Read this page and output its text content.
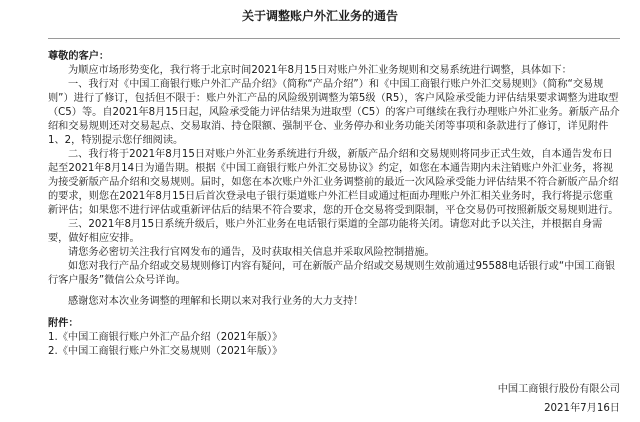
关于调整账户外汇业务的通告

尊敬的客户：

为顺应市场形势变化，我行将于北京时间2021年8月15日对账户外汇业务规则和交易系统进行调整，具体如下：

一、我行对《中国工商银行账户外汇产品介绍》（简称“产品介绍”）和《中国工商银行账户外汇交易规则》（简称“交易规则”）进行了修订，包括但不限于：账户外汇产品的风险级别调整为第5级（R5），客户风险承受能力评估结果要求调整为进取型（C5）等。自2021年8月15日起，风险承受能力评估结果为进取型（C5）的客户可继续在我行办理账户外汇业务。新版产品介绍和交易规则还对交易起点、交易取消、持仓限额、强制平仓、业务停办和业务功能关闭等事项和条款进行了修订，详见附件1、2，特别提示您仔细阅读。

二、我行将于2021年8月15日对账户外汇业务系统进行升级，新版产品介绍和交易规则将同步正式生效，自本通告发布日起至2021年8月14日为通告期。根据《中国工商银行账户外汇交易协议》约定，如您在本通告期内未注销账户外汇业务，将视为接受新版产品介绍和交易规则。届时，如您在本次账户外汇业务调整前的最近一次风险承受能力评估结果不符合新版产品介绍的要求，则您在2021年8月15日后首次登录电子银行渠道账户外汇栏目或通过柜面办理账户外汇相关业务时，我行将提示您重新评估；如果您不进行评估或重新评估后的结果不符合要求，您的开仓交易将受到限制，平仓交易仍可按照新版交易规则进行。

三、2021年8月15日系统升级后，账户外汇业务在电话银行渠道的全部功能将关闭。请您对此予以关注，并根据自身需要，做好相应安排。

请您务必密切关注我行官网发布的通告，及时获取相关信息并采取风险控制措施。

如您对我行产品介绍或交易规则修订内容有疑问，可在新版产品介绍或交易规则生效前通过95588电话银行或“中国工商银行客户服务”微信公众号详询。

感谢您对本次业务调整的理解和长期以来对我行业务的大力支持！

附件：

1.《中国工商银行账户外汇产品介绍（2021年版）》

2.《中国工商银行账户外汇交易规则（2021年版）》

中国工商银行股份有限公司
2021年7月16日
